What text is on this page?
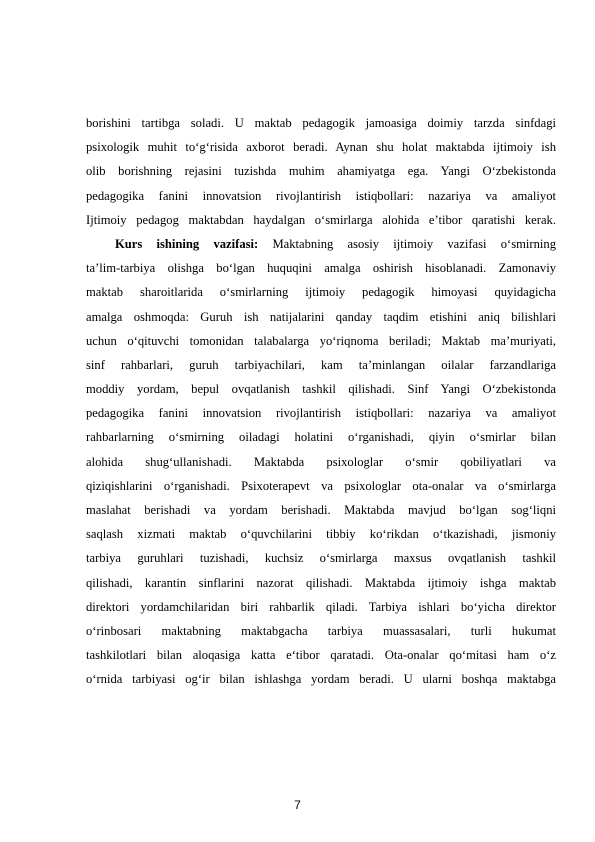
borishini tartibga soladi. U maktab pedagogik jamoasiga doimiy tarzda sinfdagi
psixologik muhit to‘g‘risida axborot beradi. Aynan shu holat maktabda ijtimoiy ish
olib borishning rejasini tuzishda muhim ahamiyatga ega. Yangi O‘zbekistonda
pedagogika fanini innovatsion rivojlantirish istiqbollari: nazariya va amaliyot
Ijtimoiy pedagog maktabdan haydalgan o‘smirlarga alohida e’tibor qaratishi kerak.
Kurs ishining vazifasi: Maktabning asosiy ijtimoiy vazifasi o‘smirning
ta’lim-tarbiya olishga bo‘lgan huquqini amalga oshirish hisoblanadi. Zamonaviy
maktab sharoitlarida o‘smirlarning ijtimoiy pedagogik himoyasi quyidagicha
amalga oshmoqda: Guruh ish natijalarini qanday taqdim etishini aniq bilishlari
uchun o‘qituvchi tomonidan talabalarga yo‘riqnoma beriladi; Maktab ma’muriyati,
sinf rahbarlari, guruh tarbiyachilari, kam ta’minlangan oilalar farzandlariga
moddiy yordam, bepul ovqatlanish tashkil qilishadi. Sinf Yangi O‘zbekistonda
pedagogika fanini innovatsion rivojlantirish istiqbollari: nazariya va amaliyot
rahbarlarning o‘smirning oiladagi holatini o‘rganishadi, qiyin o‘smirlar bilan
alohida shug‘ullanishadi. Maktabda psixologlar o‘smir qobiliyatlari va
qiziqishlarini o‘rganishadi. Psixoterapevt va psixologlar ota-onalar va o‘smirlarga
maslahat berishadi va yordam berishadi. Maktabda mavjud bo‘lgan sog‘liqni
saqlash xizmati maktab o‘quvchilarini tibbiy ko‘rikdan o‘tkazishadi, jismoniy
tarbiya guruhlari tuzishadi, kuchsiz o‘smirlarga maxsus ovqatlanish tashkil
qilishadi, karantin sinflarini nazorat qilishadi. Maktabda ijtimoiy ishga maktab
direktori yordamchilaridan biri rahbarlik qiladi. Tarbiya ishlari bo‘yicha direktor
o‘rinbosari maktabning maktabgacha tarbiya muassasalari, turli hukumat
tashkilotlari bilan aloqasiga katta e‘tibor qaratadi. Ota-onalar qo‘mitasi ham o‘z
o‘rnida tarbiyasi og‘ir bilan ishlashga yordam beradi. U ularni boshqa maktabga
7
